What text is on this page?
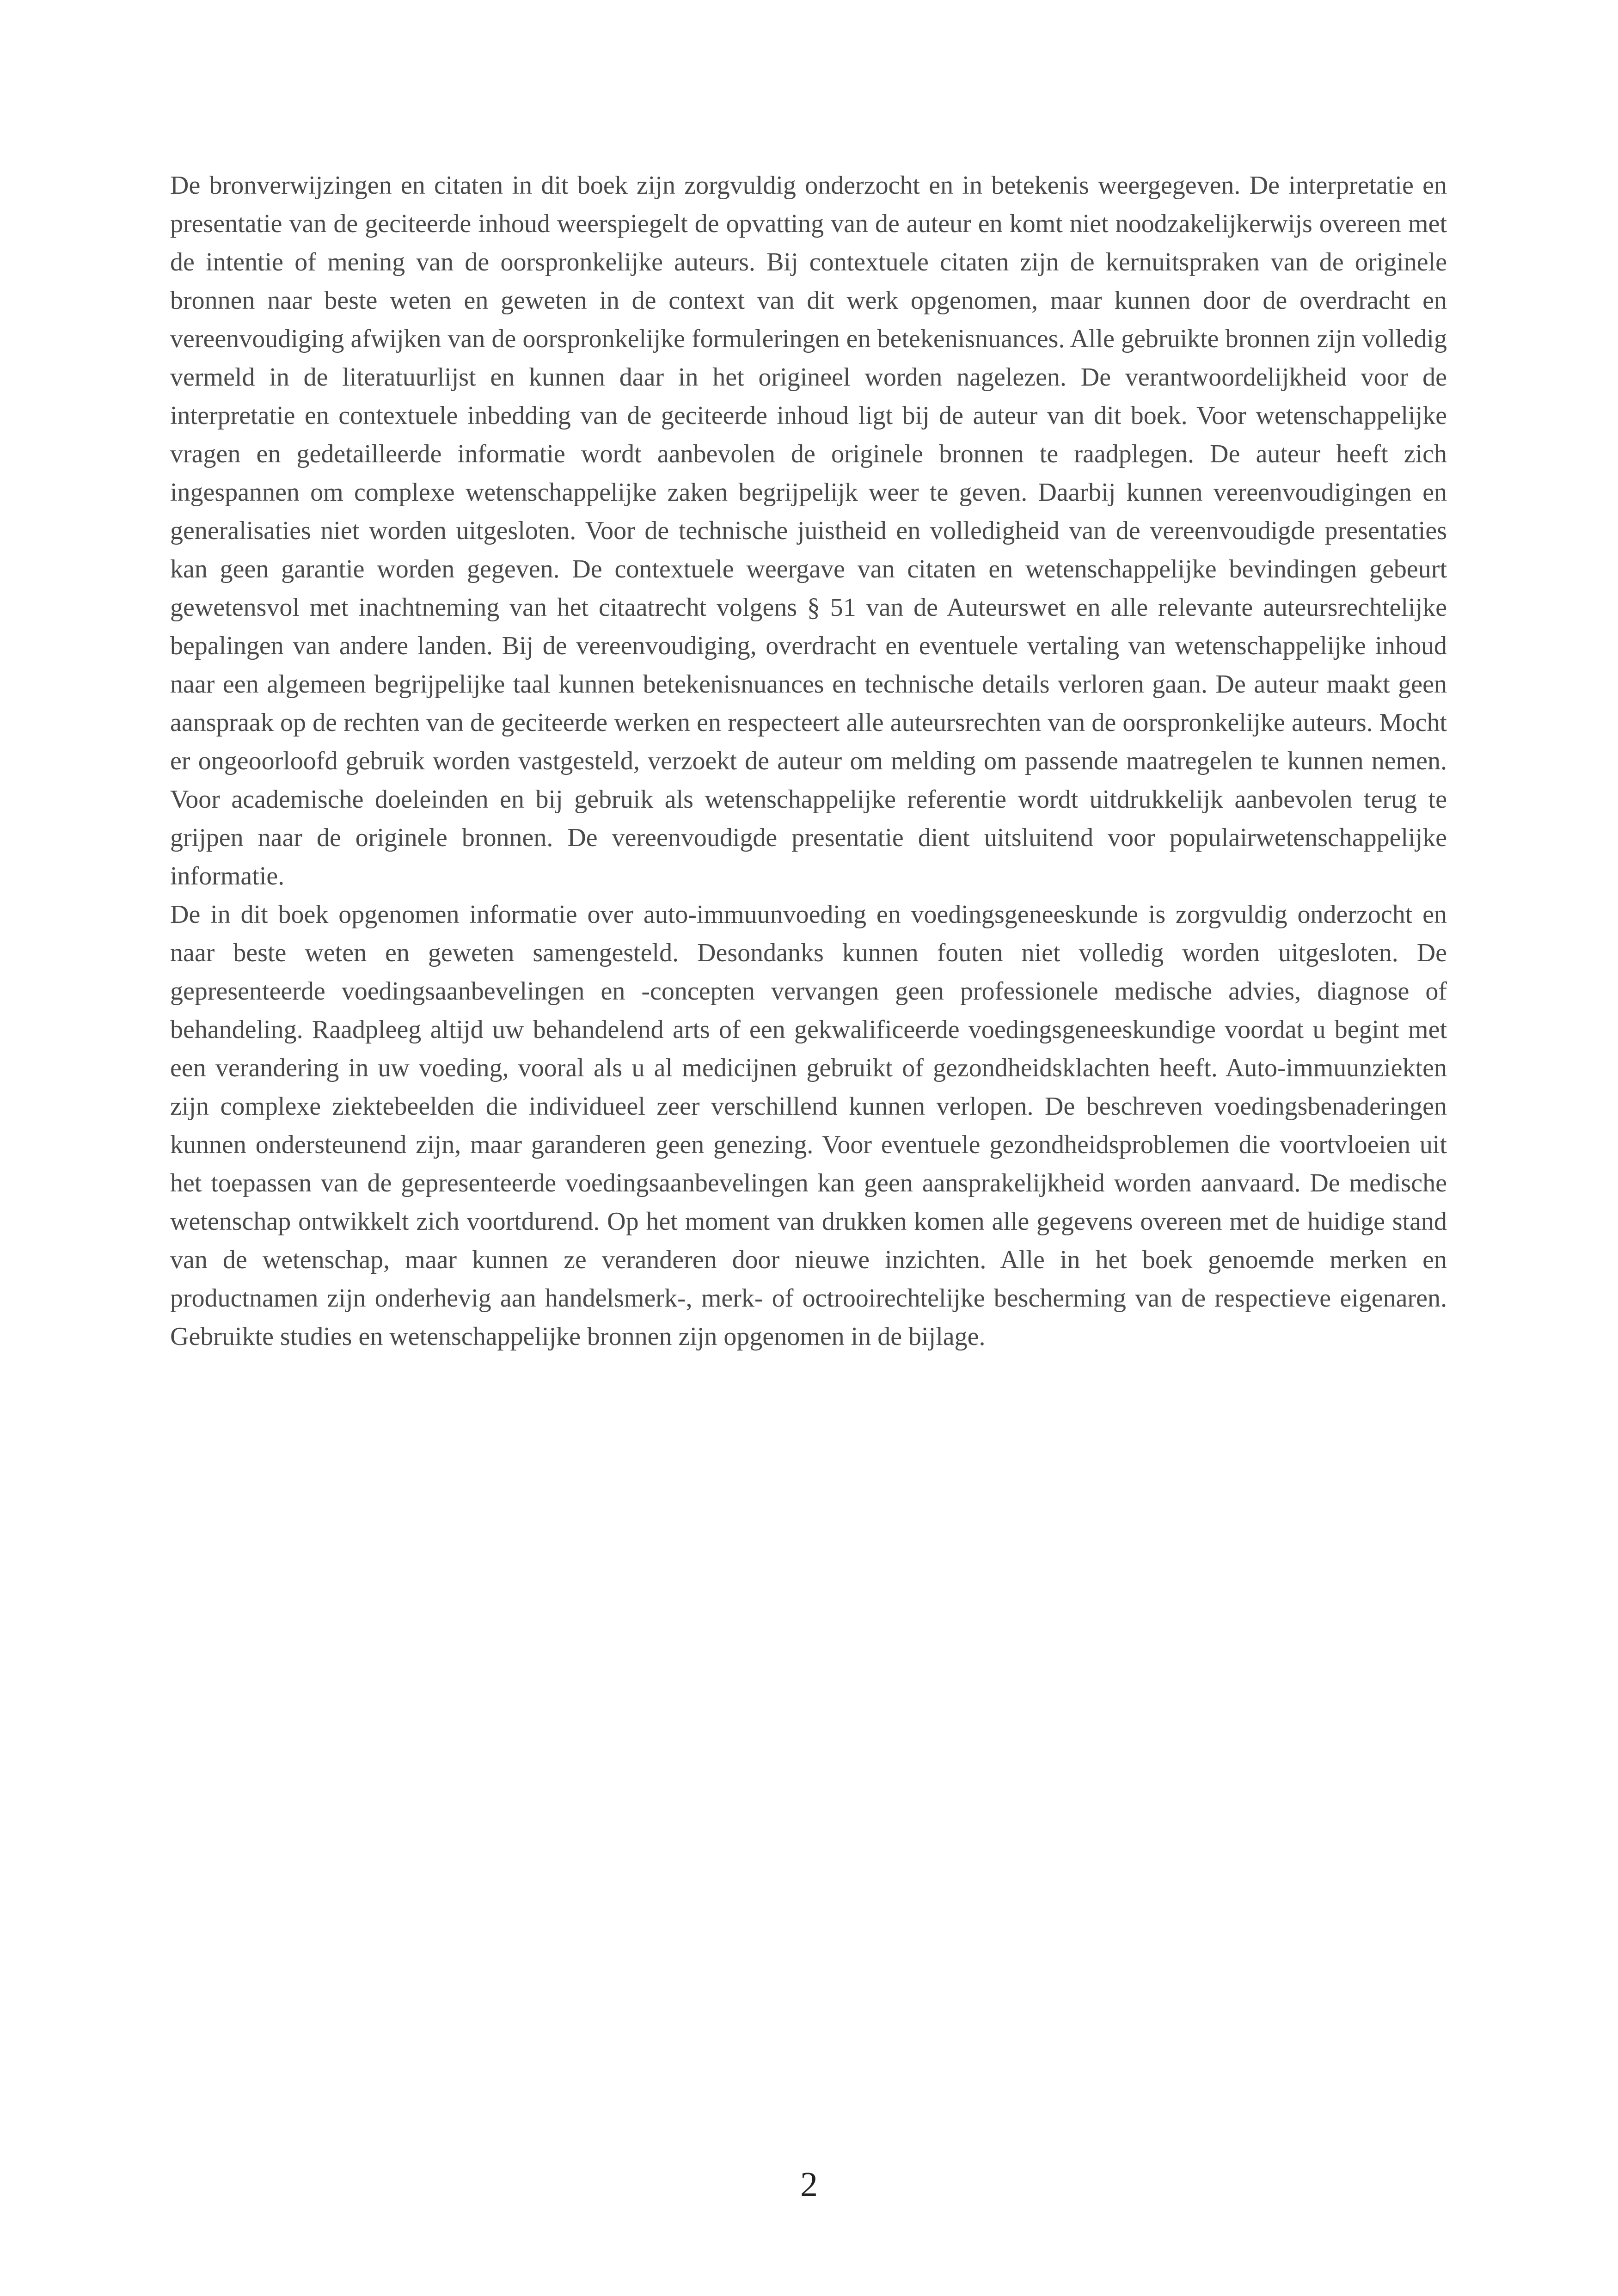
De bronverwijzingen en citaten in dit boek zijn zorgvuldig onderzocht en in betekenis weergegeven. De interpretatie en presentatie van de geciteerde inhoud weerspiegelt de opvatting van de auteur en komt niet noodzakelijkerwijs overeen met de intentie of mening van de oorspronkelijke auteurs. Bij contextuele citaten zijn de kernuitspraken van de originele bronnen naar beste weten en geweten in de context van dit werk opgenomen, maar kunnen door de overdracht en vereenvoudiging afwijken van de oorspronkelijke formuleringen en betekenisnuances. Alle gebruikte bronnen zijn volledig vermeld in de literatuurlijst en kunnen daar in het origineel worden nagelezen. De verantwoordelijkheid voor de interpretatie en contextuele inbedding van de geciteerde inhoud ligt bij de auteur van dit boek. Voor wetenschappelijke vragen en gedetailleerde informatie wordt aanbevolen de originele bronnen te raadplegen. De auteur heeft zich ingespannen om complexe wetenschappelijke zaken begrijpelijk weer te geven. Daarbij kunnen vereenvoudigingen en generalisaties niet worden uitgesloten. Voor de technische juistheid en volledigheid van de vereenvoudigde presentaties kan geen garantie worden gegeven. De contextuele weergave van citaten en wetenschappelijke bevindingen gebeurt gewetensvol met inachtneming van het citaatrecht volgens § 51 van de Auteurswet en alle relevante auteursrechtelijke bepalingen van andere landen. Bij de vereenvoudiging, overdracht en eventuele vertaling van wetenschappelijke inhoud naar een algemeen begrijpelijke taal kunnen betekenisnuances en technische details verloren gaan. De auteur maakt geen aanspraak op de rechten van de geciteerde werken en respecteert alle auteursrechten van de oorspronkelijke auteurs. Mocht er ongeoorloofd gebruik worden vastgesteld, verzoekt de auteur om melding om passende maatregelen te kunnen nemen. Voor academische doeleinden en bij gebruik als wetenschappelijke referentie wordt uitdrukkelijk aanbevolen terug te grijpen naar de originele bronnen. De vereenvoudigde presentatie dient uitsluitend voor populairwetenschappelijke informatie.

De in dit boek opgenomen informatie over auto-immuunvoeding en voedingsgeneeskunde is zorgvuldig onderzocht en naar beste weten en geweten samengesteld. Desondanks kunnen fouten niet volledig worden uitgesloten. De gepresenteerde voedingsaanbevelingen en -concepten vervangen geen professionele medische advies, diagnose of behandeling. Raadpleeg altijd uw behandelend arts of een gekwalificeerde voedingsgeneeskundige voordat u begint met een verandering in uw voeding, vooral als u al medicijnen gebruikt of gezondheidsklachten heeft. Auto-immuunziekten zijn complexe ziektebeelden die individueel zeer verschillend kunnen verlopen. De beschreven voedingsbenaderingen kunnen ondersteunend zijn, maar garanderen geen genezing. Voor eventuele gezondheidsproblemen die voortvloeien uit het toepassen van de gepresenteerde voedingsaanbevelingen kan geen aansprakelijkheid worden aanvaard. De medische wetenschap ontwikkelt zich voortdurend. Op het moment van drukken komen alle gegevens overeen met de huidige stand van de wetenschap, maar kunnen ze veranderen door nieuwe inzichten. Alle in het boek genoemde merken en productnamen zijn onderhevig aan handelsmerk-, merk- of octrooirechtelijke bescherming van de respectieve eigenaren. Gebruikte studies en wetenschappelijke bronnen zijn opgenomen in de bijlage.

2
